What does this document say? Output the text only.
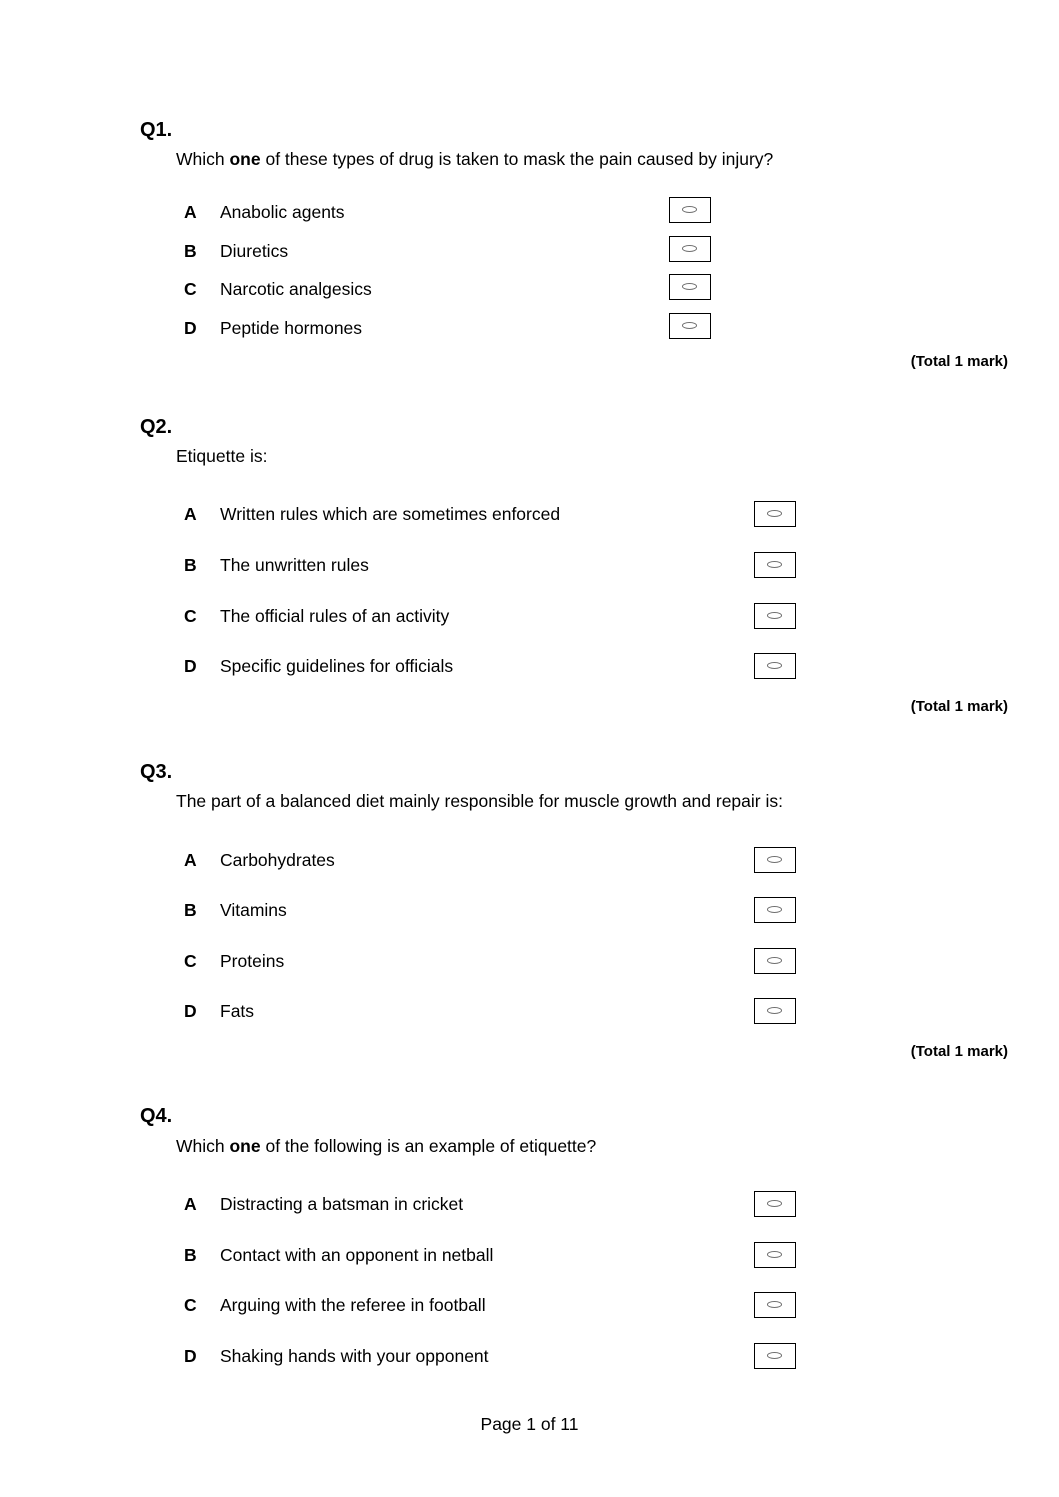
Q1.
Which one of these types of drug is taken to mask the pain caused by injury?
A Anabolic agents
B Diuretics
C Narcotic analgesics
D Peptide hormones
(Total 1 mark)
Q2.
Etiquette is:
A Written rules which are sometimes enforced
B The unwritten rules
C The official rules of an activity
D Specific guidelines for officials
(Total 1 mark)
Q3.
The part of a balanced diet mainly responsible for muscle growth and repair is:
A Carbohydrates
B Vitamins
C Proteins
D Fats
(Total 1 mark)
Q4.
Which one of the following is an example of etiquette?
A Distracting a batsman in cricket
B Contact with an opponent in netball
C Arguing with the referee in football
D Shaking hands with your opponent
Page 1 of 11
